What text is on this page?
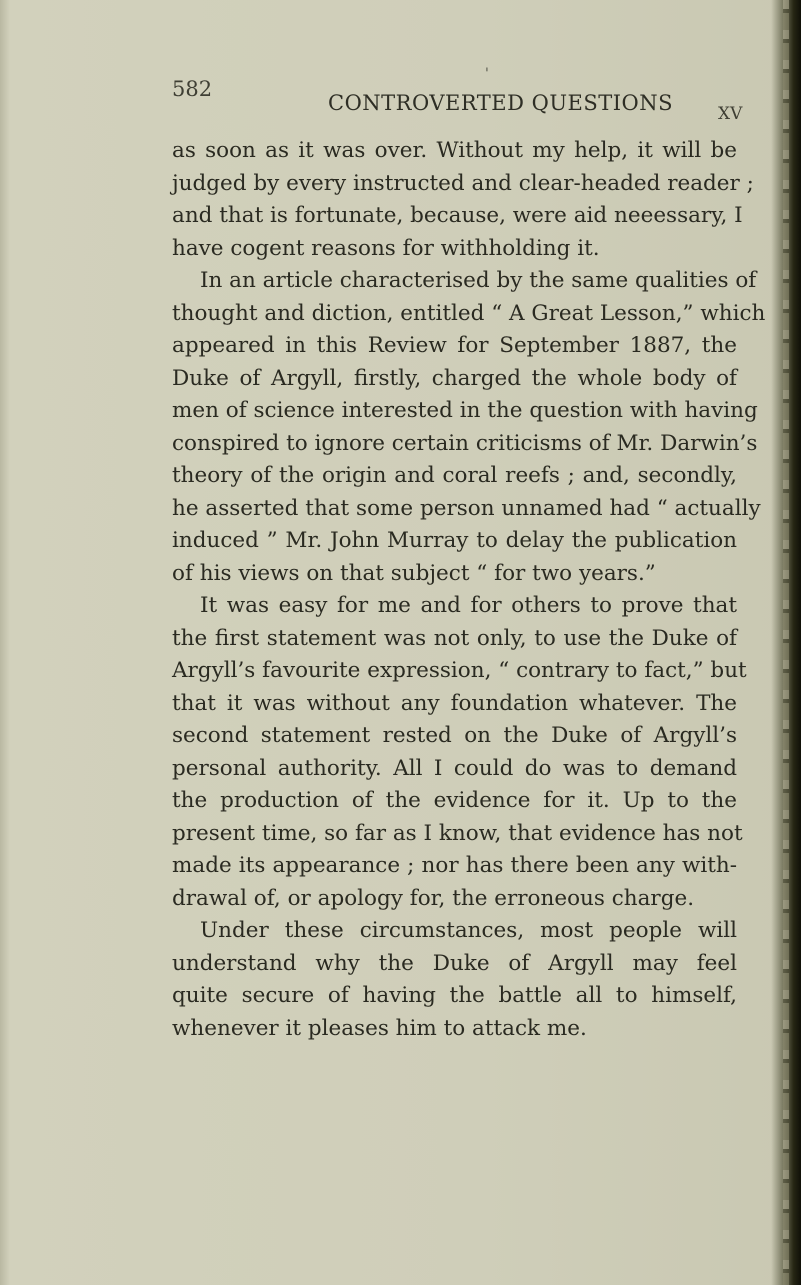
582
'
CONTROVERTED QUESTIONS	XV
as soon as it was over. Without my help, it will be
judged by every instructed and clear-headed reader ;
and that is fortunate, because, were aid neeessary, I
have cogent reasons for withholding it.
In an article characterised by the same qualities of
thought and diction, entitled “ A Great Lesson,” which
appeared in this Review for September 1887, the
Duke of Argyll, firstly, charged the whole body of
men of science interested in the question with having
conspired to ignore certain criticisms of Mr. Darwin’s
theory of the origin and coral reefs ; and, secondly,
he asserted that some person unnamed had “ actually
induced ” Mr. John Murray to delay the publication
of his views on that subject “ for two years.”
It was easy for me and for others to prove that
the first statement was not only, to use the Duke of
Argyll’s favourite expression, “ contrary to fact,” but
that it was without any foundation whatever. The
second statement rested on the Duke of Argyll’s
personal authority. All I could do was to demand
the production of the evidence for it. Up to the
present time, so far as I know, that evidence has not
made its appearance ; nor has there been any with-
drawal of, or apology for, the erroneous charge.
Under these circumstances, most people will
understand why the Duke of Argyll may feel
quite secure of having the battle all to himself,
whenever it pleases him to attack me.
